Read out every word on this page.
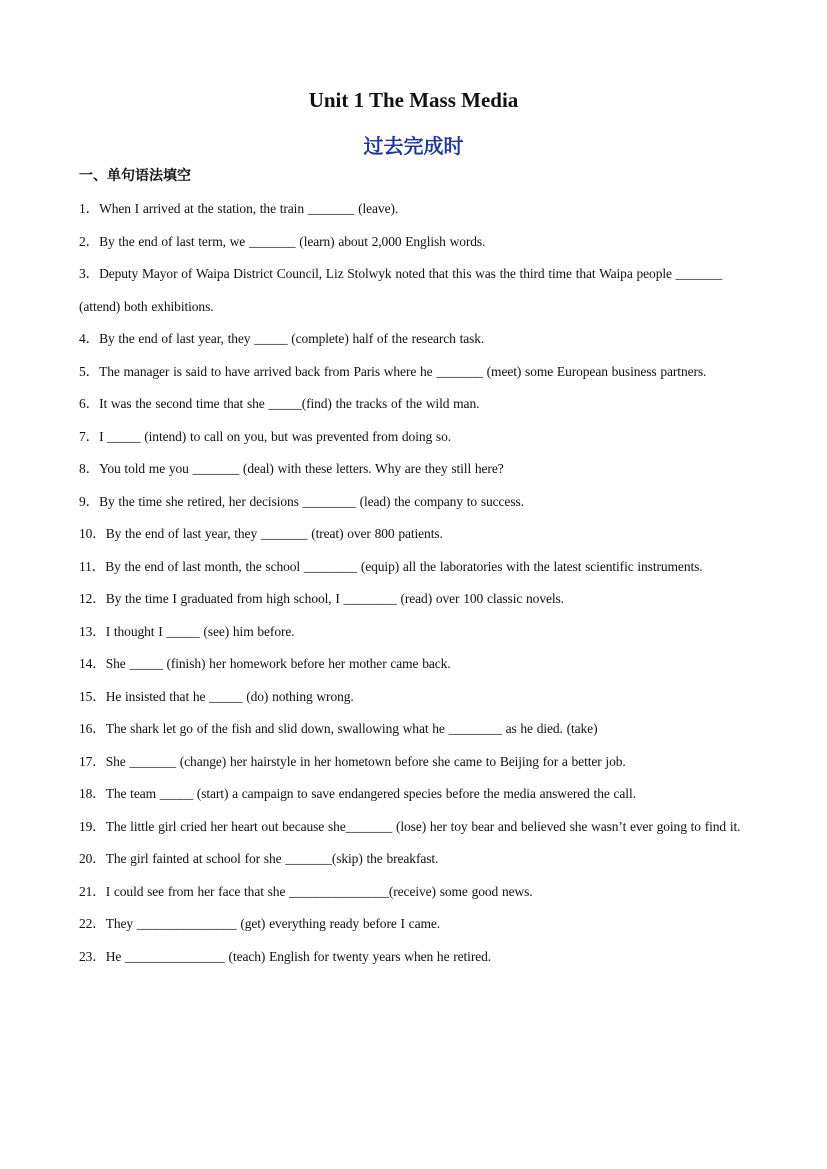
Unit 1 The Mass Media
过去完成时
一、单句语法填空
1．When I arrived at the station, the train _______ (leave).
2．By the end of last term, we _______ (learn) about 2,000 English words.
3．Deputy Mayor of Waipa District Council, Liz Stolwyk noted that this was the third time that Waipa people _______ (attend) both exhibitions.
4．By the end of last year, they _____ (complete) half of the research task.
5．The manager is said to have arrived back from Paris where he _______ (meet) some European business partners.
6．It was the second time that she _____(find) the tracks of the wild man.
7．I _____ (intend) to call on you, but was prevented from doing so.
8．You told me you _______ (deal) with these letters. Why are they still here?
9．By the time she retired, her decisions ________ (lead) the company to success.
10．By the end of last year, they _______ (treat) over 800 patients.
11．By the end of last month, the school ________ (equip) all the laboratories with the latest scientific instruments.
12．By the time I graduated from high school, I ________ (read) over 100 classic novels.
13．I thought I _____ (see) him before.
14．She _____ (finish) her homework before her mother came back.
15．He insisted that he _____ (do) nothing wrong.
16．The shark let go of the fish and slid down, swallowing what he ________ as he died. (take)
17．She _______ (change) her hairstyle in her hometown before she came to Beijing for a better job.
18．The team _____ (start) a campaign to save endangered species before the media answered the call.
19．The little girl cried her heart out because she_______ (lose) her toy bear and believed she wasn’t ever going to find it.
20．The girl fainted at school for she _______(skip) the breakfast.
21．I could see from her face that she _______________(receive) some good news.
22．They _______________ (get) everything ready before I came.
23．He _______________ (teach) English for twenty years when he retired.
